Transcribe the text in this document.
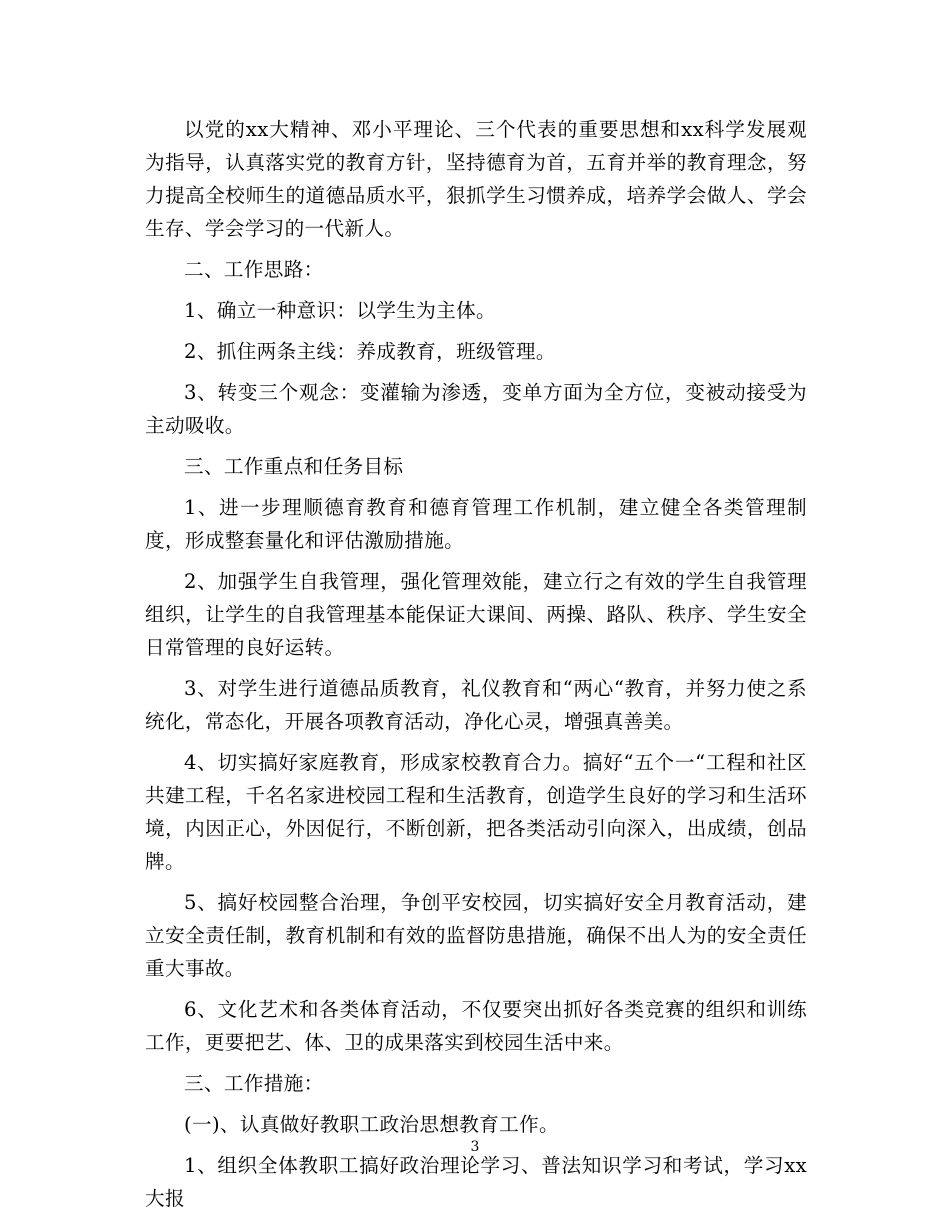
以党的xx大精神、邓小平理论、三个代表的重要思想和xx科学发展观为指导，认真落实党的教育方针，坚持德育为首，五育并举的教育理念，努力提高全校师生的道德品质水平，狠抓学生习惯养成，培养学会做人、学会生存、学会学习的一代新人。

二、工作思路：

1、确立一种意识：以学生为主体。

2、抓住两条主线：养成教育，班级管理。

3、转变三个观念：变灌输为渗透，变单方面为全方位，变被动接受为主动吸收。

三、工作重点和任务目标

1、进一步理顺德育教育和德育管理工作机制，建立健全各类管理制度，形成整套量化和评估激励措施。

2、加强学生自我管理，强化管理效能，建立行之有效的学生自我管理组织，让学生的自我管理基本能保证大课间、两操、路队、秩序、学生安全日常管理的良好运转。

3、对学生进行道德品质教育，礼仪教育和“两心“教育，并努力使之系统化，常态化，开展各项教育活动，净化心灵，增强真善美。

4、切实搞好家庭教育，形成家校教育合力。搞好“五个一“工程和社区共建工程，千名名家进校园工程和生活教育，创造学生良好的学习和生活环境，内因正心，外因促行，不断创新，把各类活动引向深入，出成绩，创品牌。

5、搞好校园整合治理，争创平安校园，切实搞好安全月教育活动，建立安全责任制，教育机制和有效的监督防患措施，确保不出人为的安全责任重大事故。

6、文化艺术和各类体育活动，不仅要突出抓好各类竞赛的组织和训练工作，更要把艺、体、卫的成果落实到校园生活中来。

三、工作措施：

(一)、认真做好教职工政治思想教育工作。

1、组织全体教职工搞好政治理论学习、普法知识学习和考试，学习xx大报

3
